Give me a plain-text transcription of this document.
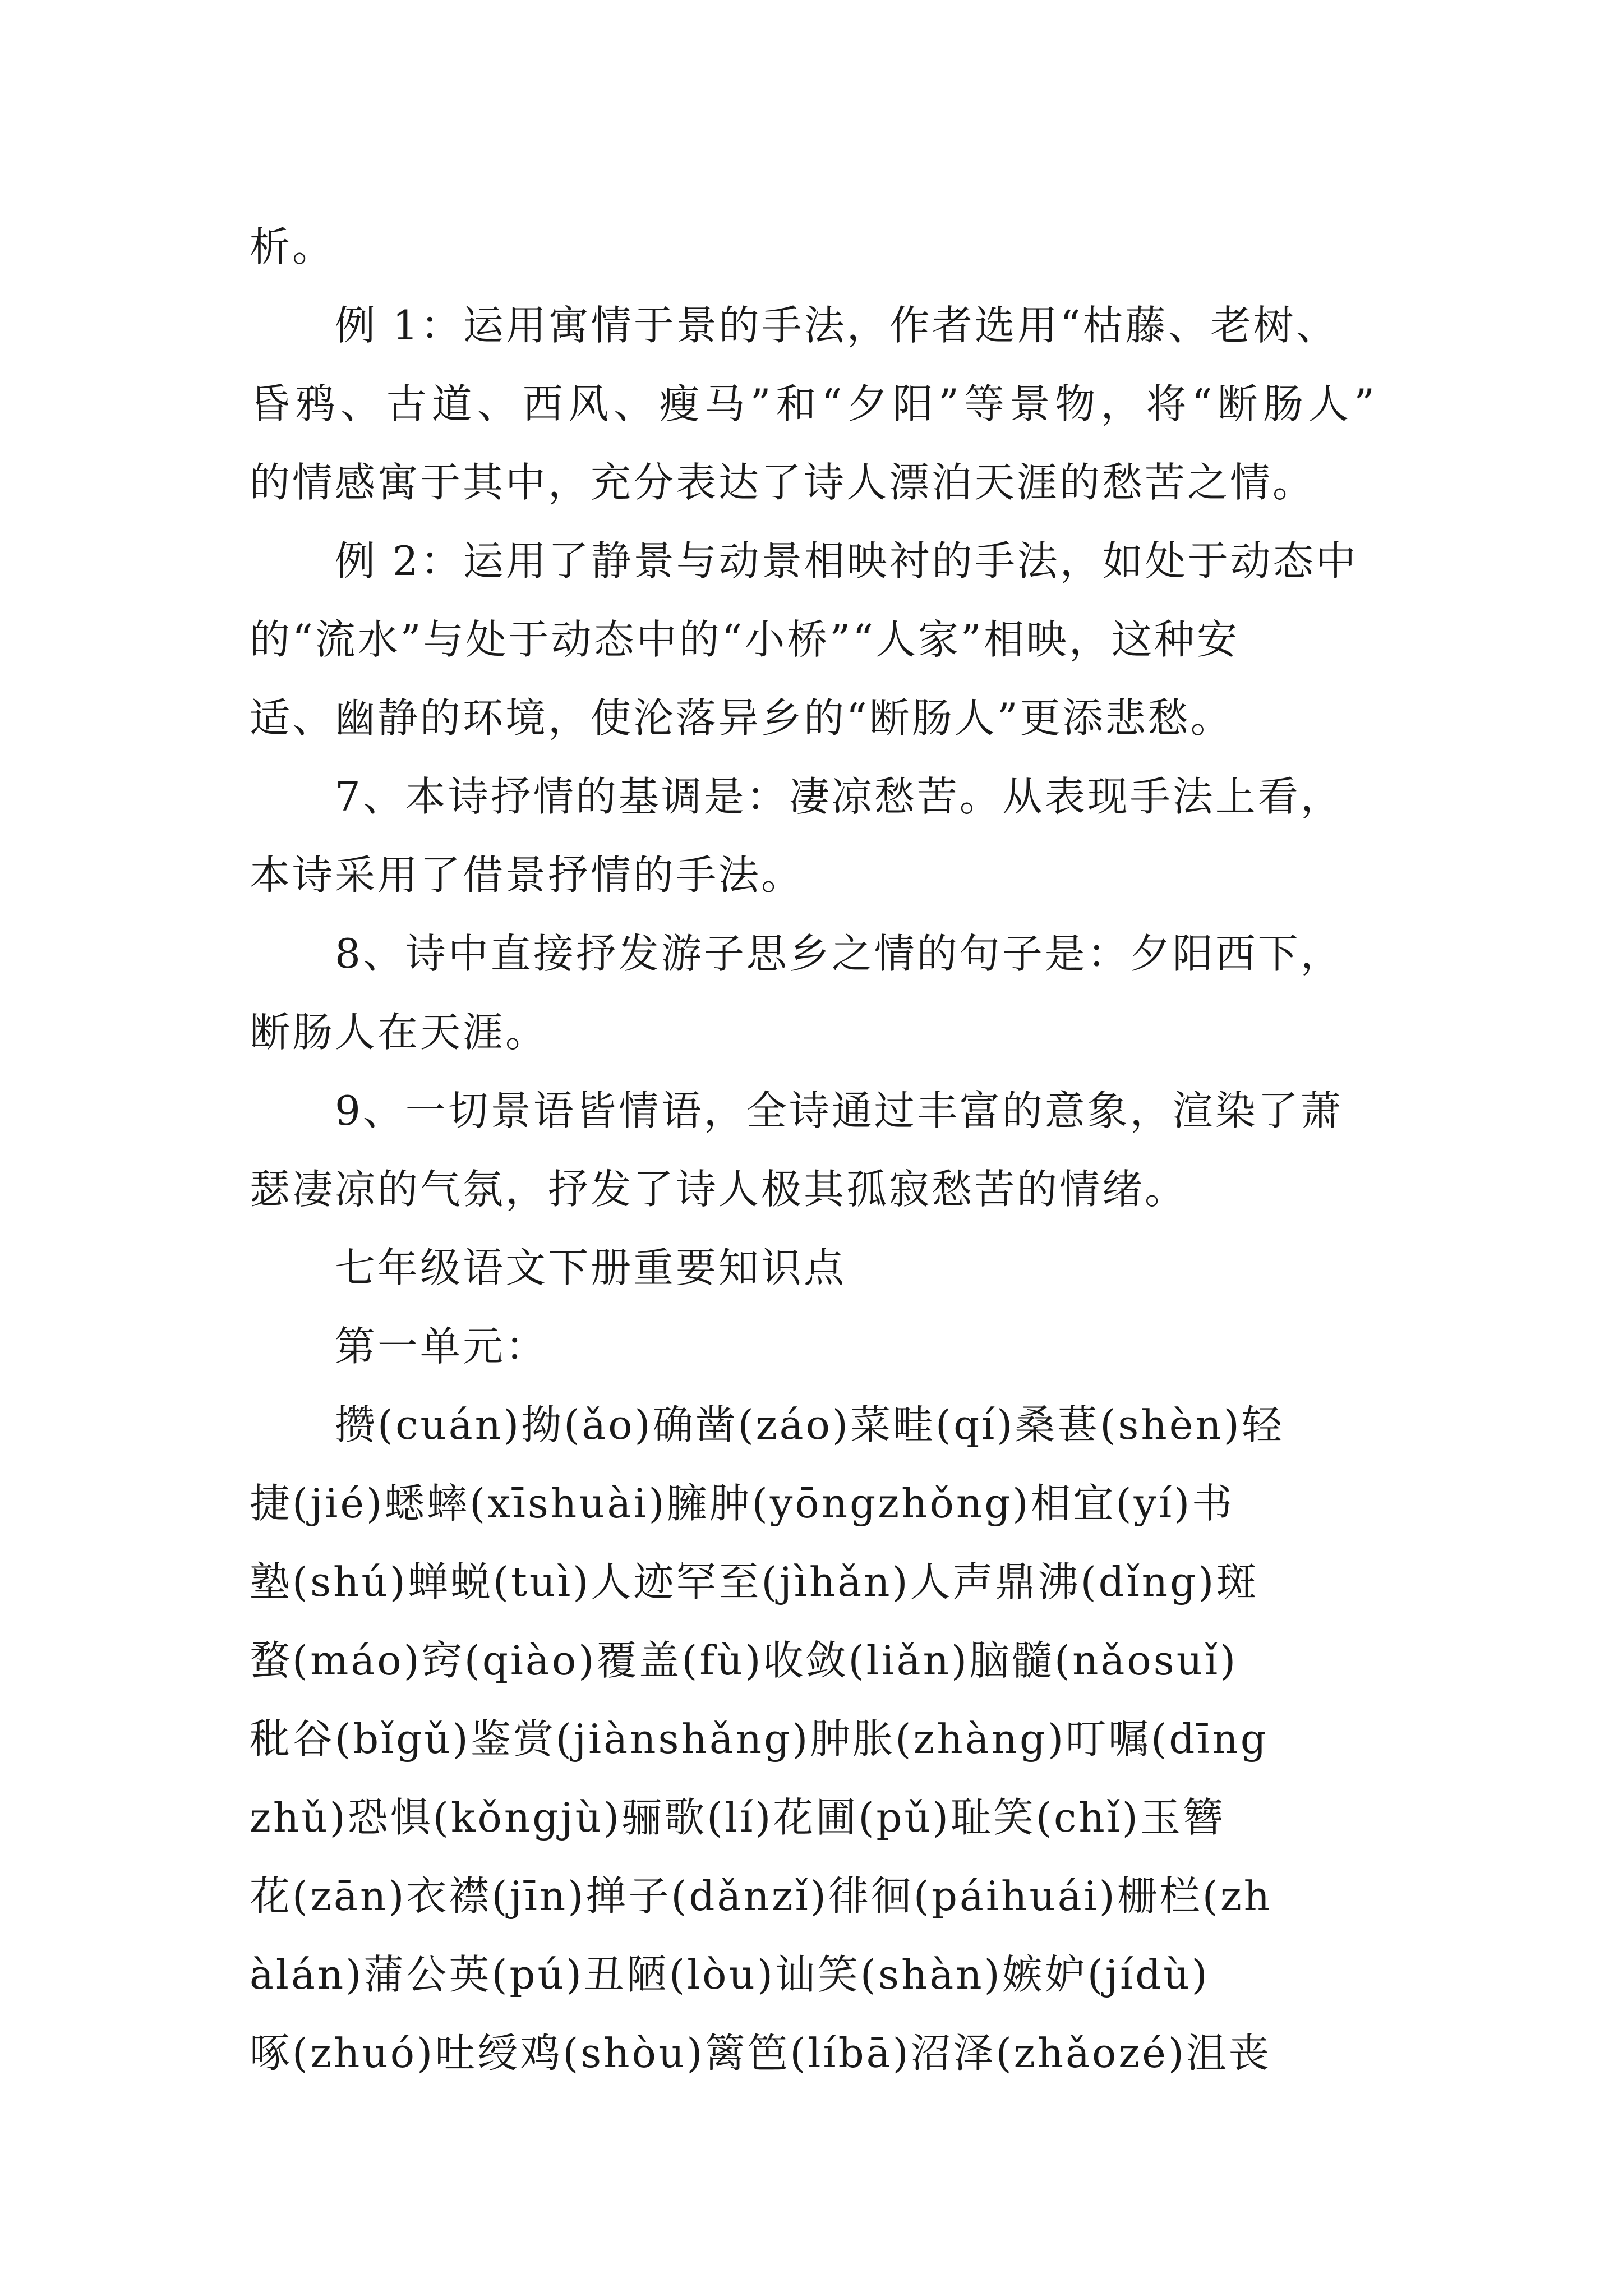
析。
例 1：运用寓情于景的手法，作者选用“枯藤、老树、
昏鸦、古道、西风、瘦马”和“夕阳”等景物，将“断肠人”
的情感寓于其中，充分表达了诗人漂泊天涯的愁苦之情。
例 2：运用了静景与动景相映衬的手法，如处于动态中
的“流水”与处于动态中的“小桥”“人家”相映，这种安
适、幽静的环境，使沦落异乡的“断肠人”更添悲愁。
7、本诗抒情的基调是：凄凉愁苦。从表现手法上看，
本诗采用了借景抒情的手法。
8、诗中直接抒发游子思乡之情的句子是：夕阳西下，
断肠人在天涯。
9、一切景语皆情语，全诗通过丰富的意象，渲染了萧
瑟凄凉的气氛，抒发了诗人极其孤寂愁苦的情绪。
七年级语文下册重要知识点
第一单元：
攒(cuán)拗(ǎo)确凿(záo)菜畦(qí)桑葚(shèn)轻
捷(jié)蟋蟀(xīshuài)臃肿(yōngzhǒng)相宜(yí)书
塾(shú)蝉蜕(tuì)人迹罕至(jìhǎn)人声鼎沸(dǐng)斑
蝥(máo)窍(qiào)覆盖(fù)收敛(liǎn)脑髓(nǎosuǐ)
秕谷(bǐgǔ)鉴赏(jiànshǎng)肿胀(zhàng)叮嘱(dīng
zhǔ)恐惧(kǒngjù)骊歌(lí)花圃(pǔ)耻笑(chǐ)玉簪
花(zān)衣襟(jīn)掸子(dǎnzǐ)徘徊(páihuái)栅栏(zh
àlán)蒲公英(pú)丑陋(lòu)讪笑(shàn)嫉妒(jídù)
啄(zhuó)吐绶鸡(shòu)篱笆(líbā)沼泽(zhǎozé)沮丧
